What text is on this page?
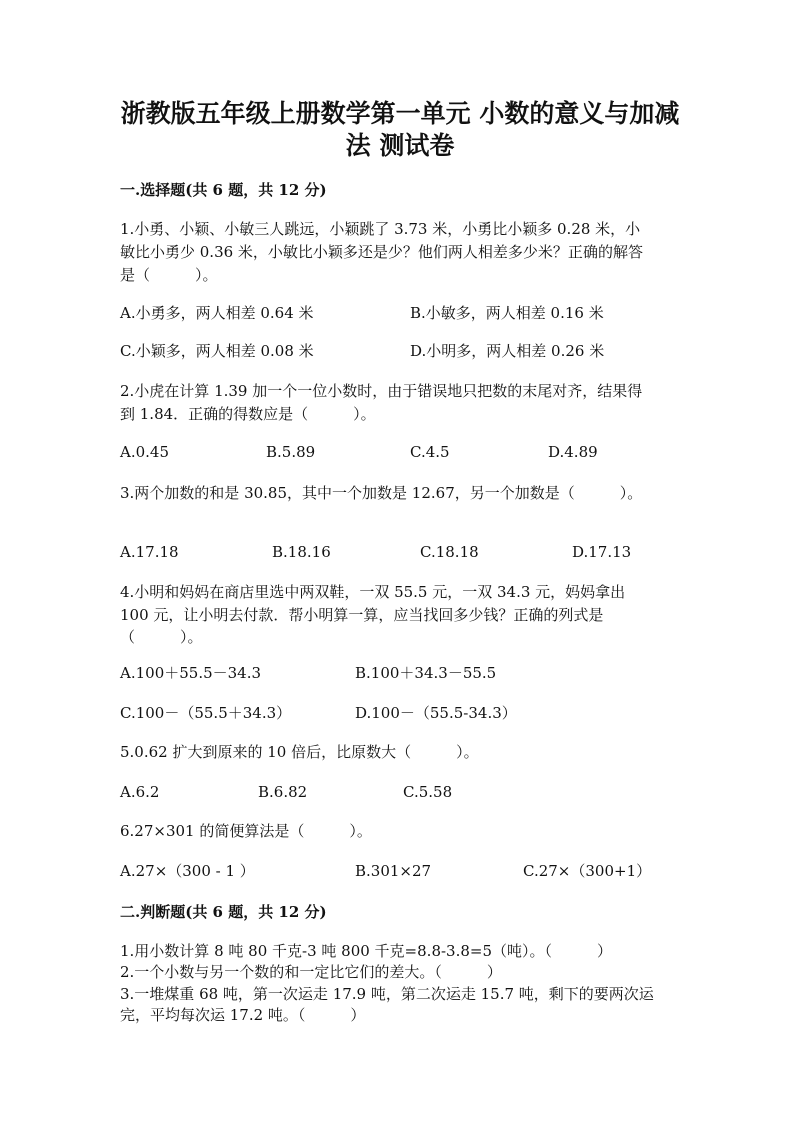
浙教版五年级上册数学第一单元 小数的意义与加减
法 测试卷
一.选择题(共 6 题，共 12 分)
1.小勇、小颖、小敏三人跳远，小颖跳了 3.73 米，小勇比小颖多 0.28 米，小
敏比小勇少 0.36 米，小敏比小颖多还是少？他们两人相差多少米？正确的解答
是（　　　）。
A.小勇多，两人相差 0.64 米	B.小敏多，两人相差 0.16 米
C.小颖多，两人相差 0.08 米	D.小明多，两人相差 0.26 米
2.小虎在计算 1.39 加一个一位小数时，由于错误地只把数的末尾对齐，结果得
到 1.84．正确的得数应是（　　　）。
A.0.45	B.5.89	C.4.5	D.4.89
3.两个加数的和是 30.85，其中一个加数是 12.67，另一个加数是（　　　）。
A.17.18	B.18.16	C.18.18	D.17.13
4.小明和妈妈在商店里选中两双鞋，一双 55.5 元，一双 34.3 元，妈妈拿出
100 元，让小明去付款．帮小明算一算，应当找回多少钱？正确的列式是
（　　　）。
A.100＋55.5－34.3	B.100＋34.3－55.5
C.100－（55.5＋34.3）	D.100－（55.5-34.3）
5.0.62 扩大到原来的 10 倍后，比原数大（　　　）。
A.6.2	B.6.82	C.5.58
6.27×301 的简便算法是（　　　）。
A.27×（300 - 1 ）	B.301×27	C.27×（300+1）
二.判断题(共 6 题，共 12 分)
1.用小数计算 8 吨 80 千克-3 吨 800 千克=8.8-3.8=5（吨）。（　　　）
2.一个小数与另一个数的和一定比它们的差大。（　　　）
3.一堆煤重 68 吨，第一次运走 17.9 吨，第二次运走 15.7 吨，剩下的要两次运
完，平均每次运 17.2 吨。（　　　）
